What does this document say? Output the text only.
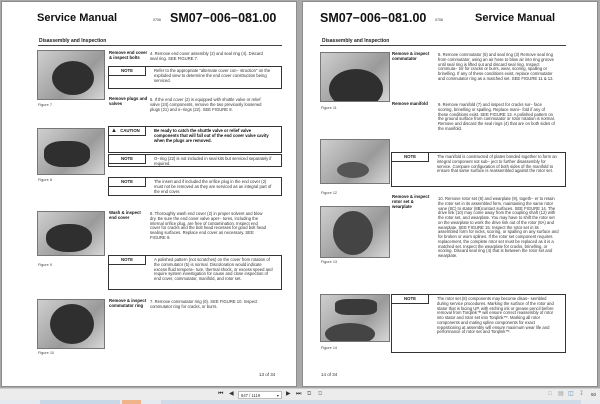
Service Manual	0706 SM07−006−081.00
Disassembly and Inspection
Figure 7
Remove end cover & inspect bolts
4. Remove end cover assembly (2) and seal ring (4). Discard seal ring. SEE FIGURE 7.
NOTE	Refer to the appropriate "alternate cover con− struction" on the exploded view to determine the end cover construction being serviced.
Remove plugs and valves
5. If the end cover (2) is equipped with shuttle valve or relief valve (24) components, remove the two previously loosened plugs (21) and o−rings (22). SEE FIGURE 8.
▲ CAUTION	Be ready to catch the shuttle valve or relief valve components that will fall out of the end cover valve cavity when the plugs are removed.
Figure 8
NOTE	O−ring (22) is not included in seal kits but serviced separately if required.
NOTE	The insert and if included the orifice plug in the end cover (2) must not be removed as they are serviced as an integral part of the end cover.
Figure 9
Wash & inspect end cover
6. Thoroughly wash end cover (2) in proper solvent and blow dry. Be sure the end cover valve aper− tures, including the internal orifice plug, are free of contamination. Inspect end cover for cracks and the bolt head recesses for good bolt head sealing surfaces. Replace end cover as necessary. SEE FIGURE 9.
NOTE	A polished pattern (not scratches) on the cover from rotation of the commutator (5) is normal. Discoloration would indicate excess fluid tempera− ture, thermal shock, or excess speed and require system investigation for cause and close inspection of end cover, commutator, manifold, and rotor set.
Figure 10
Remove & inspect commutator ring
7. Remove commutator ring (6). SEE FIGURE 10. Inspect commutator ring for cracks, or burrs.
13 of 34
SM07−006−081.00 0706	Service Manual
Disassembly and Inspection
Figure 11
Remove & inspect commutator
8. Remove commutator (5) and seal ring (3) Remove seal ring from commutator, using an air hose to blow air into ring groove until seal ring is lifted out and discard seal ring. Inspect commuta− tor for cracks or burrs, wear, scoring, spalling or brinelling. If any of these conditions exist, replace commutator and commutator ring as a matched set. SEE FIGURE 11 & 12.
Remove manifold	9. Remove manifold (7) and inspect for cracks sur− face scoring, brinelling or spalling. Replace mani− fold if any of these conditions exist. SEE FIGURE 13. A polished pattern on the ground surface from commutator or rotor rotation is normal. Remove and discard the seal rings (4) that are on both sides of the manifold.
Figure 12
NOTE	The manifold is constructed of plates bonded together to form an integral component not sub− ject to further disassembly for service. Compare configuration of both sides of the manifold to ensure that same surface is reassembled against the rotor set.
Remove & inspect rotor set & wearplate
10. Remove rotor set (8) and wearplate (9), togeth− er to retain the rotor set in its assembled form, maintaining the same rotor vane (8C) to stator (8B)contact surfaces. SEE FIGURE 14. The drive link (10) may come away from the coupling shaft (12) with the rotor set, and wearplate. You may have to shift the rotor set on the wearplate to work the drive link out of the rotor (8A) and wearplate. SEE FIGURE 15. Inspect the rotor set in its assembled form for nicks, scoring, or spalling on any surface and for broken or worn splines. If the rotor set component requires replacement, the complete rotor set must be replaced as it is a matched set. Inspect the wearplate for cracks, brinelling, or scoring. Discard seal ring (4) that is between the rotor set and wearplate.
Figure 13
Figure 14
NOTE	The rotor set (8) components may become disas− sembled during service procedures. Marking the surface of the rotor and stator that is facing UP, with etching ink or grease pencil before removal from Torqlink™ will ensure correct reassembly of rotor into stator and rotor set into Torqlink™. Marking all rotor components and mating spline components for exact repositioning at assembly will ensure maximum wear life and performance of rotor set and Torqlink™.
14 of 34
⏮ ◀	847 / 1119	▾ ▶ ⏭ ⧉ ⧉	□ ▤ ◫ ↧ 50
